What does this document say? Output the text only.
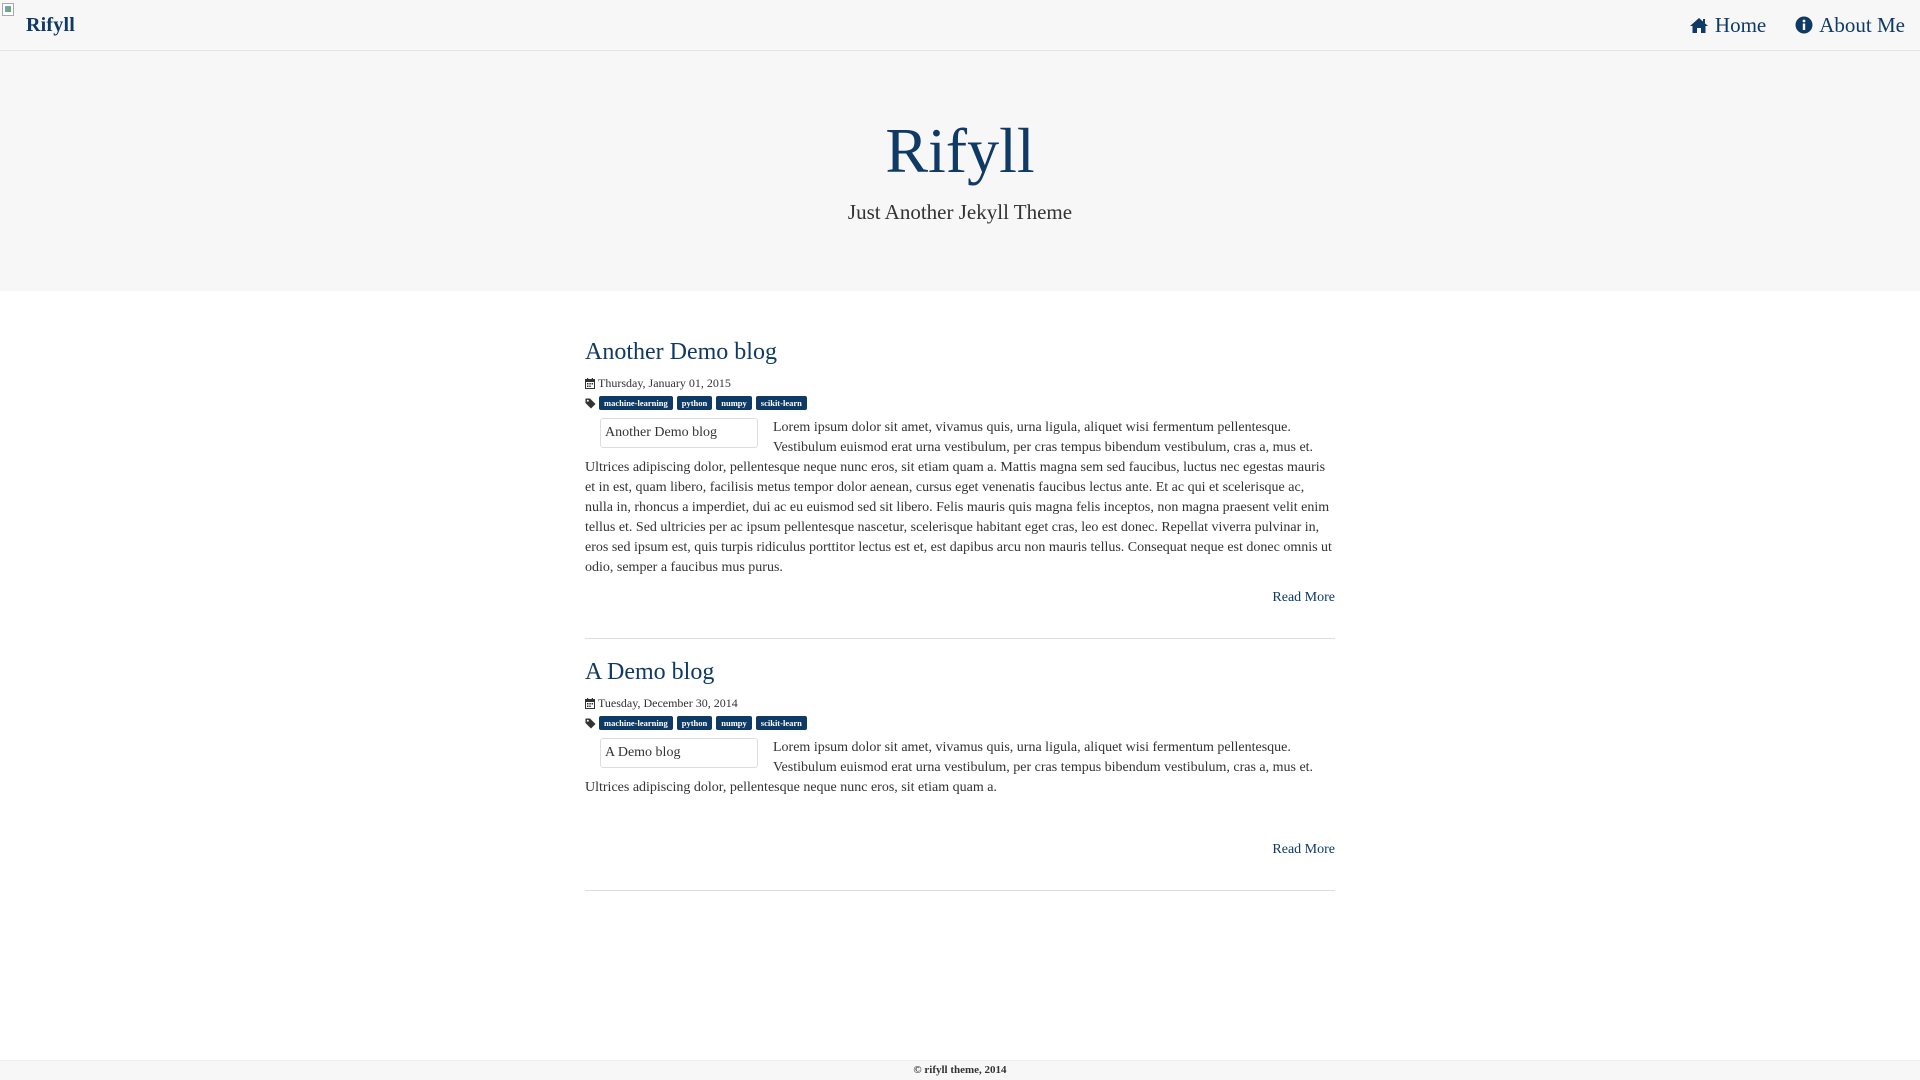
Rifyll	Home	About Me
Rifyll
Just Another Jekyll Theme
Another Demo blog
Thursday, January 01, 2015
machine-learning	python	numpy	scikit-learn
Another Demo blog	Lorem ipsum dolor sit amet, vivamus quis, urna ligula, aliquet wisi fermentum pellentesque. Vestibulum euismod erat urna vestibulum, per cras tempus bibendum vestibulum, cras a, mus et. Ultrices adipiscing dolor, pellentesque neque nunc eros, sit etiam quam a. Mattis magna sem sed faucibus, luctus nec egestas mauris et in est, quam libero, facilisis metus tempor dolor aenean, cursus eget venenatis faucibus lectus ante. Et ac qui et scelerisque ac, nulla in, rhoncus a imperdiet, dui ac eu euismod sed sit libero. Felis mauris quis magna felis inceptos, non magna praesent velit enim tellus et. Sed ultricies per ac ipsum pellentesque nascetur, scelerisque habitant eget cras, leo est donec. Repellat viverra pulvinar in, eros sed ipsum est, quis turpis ridiculus porttitor lectus est et, est dapibus arcu non mauris tellus. Consequat neque est donec omnis ut odio, semper a faucibus mus purus.
Read More
A Demo blog
Tuesday, December 30, 2014
machine-learning	python	numpy	scikit-learn
A Demo blog	Lorem ipsum dolor sit amet, vivamus quis, urna ligula, aliquet wisi fermentum pellentesque. Vestibulum euismod erat urna vestibulum, per cras tempus bibendum vestibulum, cras a, mus et. Ultrices adipiscing dolor, pellentesque neque nunc eros, sit etiam quam a.
Read More
© rifyll theme, 2014
